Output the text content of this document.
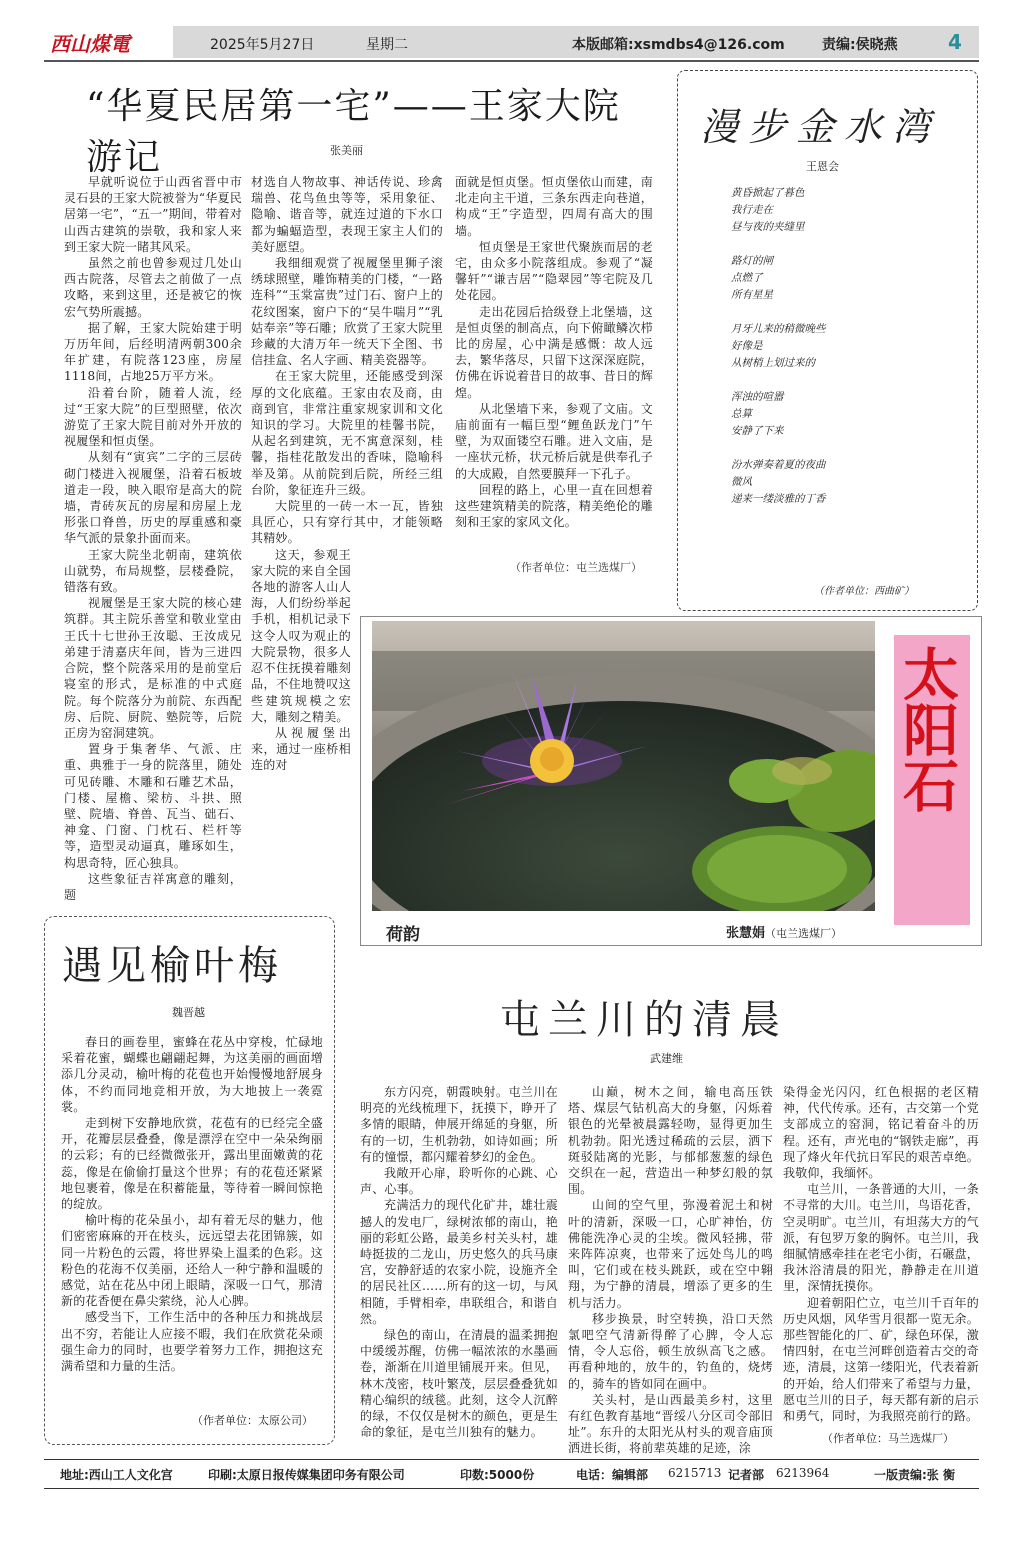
西山煤電	2025年5月27日	星期二	本版邮箱:xsmdbs4@126.com	责编:侯晓燕	4
“华夏民居第一宅”——王家大院游记	张美丽

早就听说位于山西省晋中市灵石县的王家大院被誉为“华夏民居第一宅”，“五一”期间，带着对山西古建筑的崇敬，我和家人来到王家大院一睹其风采。

虽然之前也曾参观过几处山西古院落，尽管去之前做了一点攻略，来到这里，还是被它的恢宏气势所震撼。

据了解，王家大院始建于明万历年间，后经明清两朝300余年扩建，有院落123座，房屋1118间，占地25万平方米。

沿着台阶，随着人流，经过“王家大院”的巨型照壁，依次游览了王家大院目前对外开放的视履堡和恒贞堡。

从刻有“寅宾”二字的三层砖砌门楼进入视履堡，沿着石板坡道走一段，映入眼帘是高大的院墙，青砖灰瓦的房屋和房屋上龙形张口脊兽，历史的厚重感和豪华气派的景象扑面而来。

王家大院坐北朝南，建筑依山就势，布局规整，层楼叠院，错落有致。

视履堡是王家大院的核心建筑群。其主院乐善堂和敬业堂由王氏十七世孙王汝聪、王汝成兄弟建于清嘉庆年间，皆为三进四合院，整个院落采用的是前堂后寝室的形式，是标准的中式庭院。每个院落分为前院、东西配房、后院、厨院、塾院等，后院正房为窑洞建筑。

置身于集奢华、气派、庄重、典雅于一身的院落里，随处可见砖雕、木雕和石雕艺术品，门楼、屋檐、梁枋、斗拱、照壁、院墙、脊兽、瓦当、础石、神龛、门窗、门枕石、栏杆等等，造型灵动逼真，雕琢如生，构思奇特，匠心独具。

这些象征吉祥寓意的雕刻，题

材选自人物故事、神话传说、珍禽瑞兽、花鸟鱼虫等等，采用象征、隐喻、谐音等，就连过道的下水口都为蝙蝠造型，表现王家主人们的美好愿望。

我细细观赏了视履堡里狮子滚绣球照壁，雕饰精美的门楼，“一路连科”“玉棠富贵”过门石、窗户上的花纹图案，窗户下的“吴牛喘月”“乳姑奉亲”等石雕；欣赏了王家大院里珍藏的大清万年一统天下全图、书信挂盒、名人字画、精美瓷器等。

在王家大院里，还能感受到深厚的文化底蕴。王家由农及商，由商到官，非常注重家规家训和文化知识的学习。大院里的桂馨书院，从起名到建筑，无不寓意深刻，桂馨，指桂花散发出的香味，隐喻科举及第。从前院到后院，所经三组台阶，象征连升三级。

大院里的一砖一木一瓦，皆独具匠心，只有穿行其中，才能领略其精妙。

这天，参观王家大院的来自全国各地的游客人山人海，人们纷纷举起手机，相机记录下这令人叹为观止的大院景物，很多人忍不住抚摸着雕刻品，不住地赞叹这些建筑规模之宏大，雕刻之精美。

从视履堡出来，通过一座桥相连的对

面就是恒贞堡。恒贞堡依山而建，南北走向主干道，三条东西走向巷道，构成“王”字造型，四周有高大的围墙。

恒贞堡是王家世代聚族而居的老宅，由众多小院落组成。参观了“凝馨轩”“谦吉居”“隐翠园”等宅院及几处花园。

走出花园后拾级登上北堡墙，这是恒贞堡的制高点，向下俯瞰鳞次栉比的房屋，心中满是感慨：故人远去，繁华落尽，只留下这深深庭院，仿佛在诉说着昔日的故事、昔日的辉煌。

从北堡墙下来，参观了文庙。文庙前面有一幅巨型“鲤鱼跃龙门”午壁，为双面镂空石雕。进入文庙，是一座状元桥，状元桥后就是供奉孔子的大成殿，自然要膜拜一下孔子。

回程的路上，心里一直在回想着这些建筑精美的院落，精美绝伦的雕刻和王家的家风文化。

（作者单位：屯兰选煤厂）
漫步金水湾
王恩会
黄昏掀起了暮色
我行走在
昼与夜的夹缝里
路灯的闸
点燃了
所有星星
月牙儿来的稍微晚些
好像是
从树梢上划过来的
浑浊的喧嚣
总算
安静了下来
汾水弹奏着夏的夜曲
微风
递来一缕淡雅的丁香
（作者单位：西曲矿）
荷韵	张慧娟（屯兰选煤厂）
太阳石
遇见榆叶梅
魏晋越

春日的画卷里，蜜蜂在花丛中穿梭，忙碌地采着花蜜，蝴蝶也翩翩起舞，为这美丽的画面增添几分灵动，榆叶梅的花苞也开始慢慢地舒展身体，不约而同地竞相开放，为大地披上一袭霓裳。

走到树下安静地欣赏，花苞有的已经完全盛开，花瓣层层叠叠，像是漂浮在空中一朵朵绚丽的云彩；有的已经微微张开，露出里面嫩黄的花蕊，像是在偷偷打量这个世界；有的花苞还紧紧地包裹着，像是在积蓄能量，等待着一瞬间惊艳的绽放。

榆叶梅的花朵虽小，却有着无尽的魅力，他们密密麻麻的开在枝头，远远望去花团锦簇，如同一片粉色的云霞，将世界染上温柔的色彩。这粉色的花海不仅美丽，还给人一种宁静和温暖的感觉，站在花丛中闭上眼睛，深吸一口气，那清新的花香便在鼻尖萦绕，沁人心脾。

感受当下，工作生活中的各种压力和挑战层出不穷，若能让人应接不暇，我们在欣赏花朵顽强生命力的同时，也要学着努力工作，拥抱这充满希望和力量的生活。

（作者单位：太原公司）
屯兰川的清晨
武建维

东方闪亮，朝霞映射。屯兰川在明亮的光线梳理下，抚摸下，睁开了多情的眼睛，伸展开绵延的身躯，所有的一切，生机勃勃，如诗如画；所有的憧憬，都闪耀着梦幻的金色。

我敞开心扉，聆听你的心跳、心声、心事。

充满活力的现代化矿井，雄壮震撼人的发电厂，绿树浓郁的南山，艳丽的彩虹公路，最美乡村关头村，雄峙挺拔的二龙山，历史悠久的兵马康宫，安静舒适的农家小院，设施齐全的居民社区……所有的这一切，与风相随，手臂相牵，串联组合，和谐自然。

绿色的南山，在清晨的温柔拥抱中缓缓苏醒，仿佛一幅浓浓的水墨画卷，渐渐在川道里铺展开来。但见，林木茂密，枝叶繁茂，层层叠叠犹如精心编织的绒毯。此刻，这令人沉醉的绿，不仅仅是树木的颜色，更是生命的象征，是屯兰川独有的魅力。

山巅，树木之间，输电高压铁塔、煤层气钻机高大的身躯，闪烁着银色的光晕被晨露轻吻，显得更加生机勃勃。阳光透过稀疏的云层，洒下斑驳陆离的光影，与郁郁葱葱的绿色交织在一起，营造出一种梦幻般的氛围。

山间的空气里，弥漫着泥土和树叶的清新，深吸一口，心旷神怡，仿佛能洗净心灵的尘埃。微风轻拂，带来阵阵凉爽，也带来了远处鸟儿的鸣叫，它们或在枝头跳跃，或在空中翱翔，为宁静的清晨，增添了更多的生机与活力。

移步换景，时空转换，沿口天然氯吧空气清新得醉了心脾，令人忘情，令人忘俗，顿生放纵高飞之感。再看种地的，放牛的，钓鱼的，烧烤的，骑车的皆如同在画中。

关头村，是山西最美乡村，这里有红色教育基地“晋绥八分区司令部旧址”。东升的太阳光从村头的观音庙顶洒进长街，将前辈英雄的足迹，涂

染得金光闪闪，红色根据的老区精神，代代传承。还有，古交第一个党支部成立的窑洞，铭记着奋斗的历程。还有，声光电的“钢铁走廊”，再现了烽火年代抗日军民的艰苦卓绝。我敬仰，我缅怀。

屯兰川，一条普通的大川，一条不寻常的大川。屯兰川，鸟语花香，空灵明旷。屯兰川，有坦荡大方的气派，有包罗万象的胸怀。屯兰川，我细腻情感牵挂在老宅小街，石碾盘，我沐浴清晨的阳光，静静走在川道里，深情抚摸你。

迎着朝阳伫立，屯兰川千百年的历史风烟，风华雪月很都一览无余。那些智能化的厂、矿，绿色环保，激情四射，在屯兰河畔创造着古交的奇迹，清晨，这第一缕阳光，代表着新的开始，给人们带来了希望与力量，愿屯兰川的日子，每天都有新的启示和勇气，同时，为我照亮前行的路。

（作者单位：马兰选煤厂）
地址:西山工人文化宫	印刷:太原日报传媒集团印务有限公司	印数:5000份	电话：编辑部 6215713 记者部 6213964	一版责编:张 衡
